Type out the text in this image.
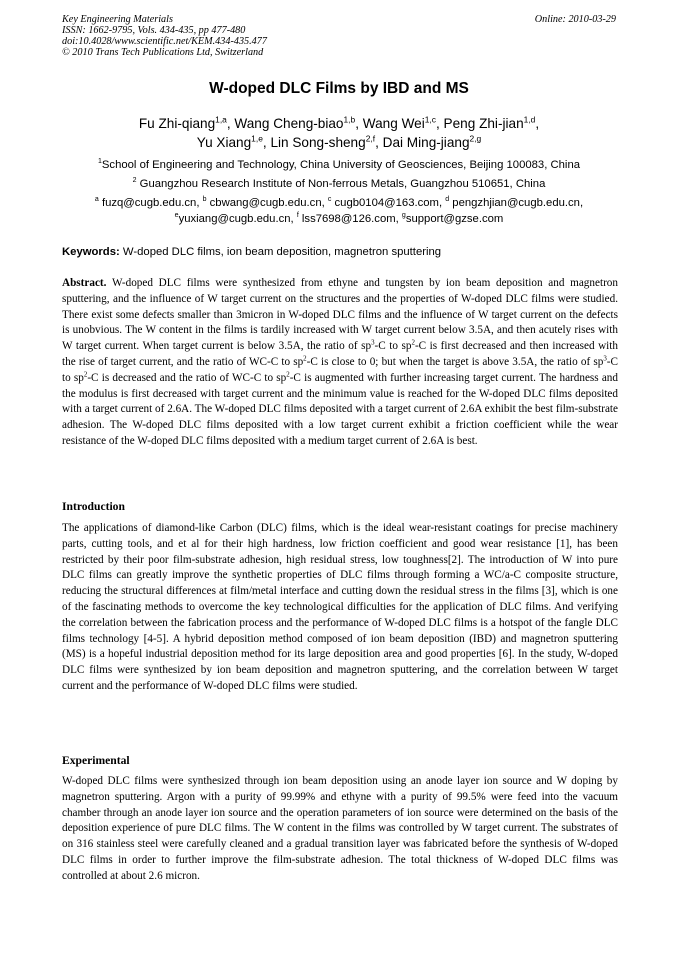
Key Engineering Materials
ISSN: 1662-9795, Vols. 434-435, pp 477-480
doi:10.4028/www.scientific.net/KEM.434-435.477
© 2010 Trans Tech Publications Ltd, Switzerland
Online: 2010-03-29
W-doped DLC Films by IBD and MS
Fu Zhi-qiang$^{1,a}$, Wang Cheng-biao$^{1,b}$, Wang Wei$^{1,c}$, Peng Zhi-jian$^{1,d}$,
Yu Xiang$^{1,e}$, Lin Song-sheng$^{2,f}$, Dai Ming-jiang$^{2,g}$
$^1$School of Engineering and Technology, China University of Geosciences, Beijing 100083, China
$^2$ Guangzhou Research Institute of Non-ferrous Metals, Guangzhou 510651, China
$^a$ fuzq@cugb.edu.cn, $^b$ cbwang@cugb.edu.cn, $^c$ cugb0104@163.com, $^d$ pengzhjian@cugb.edu.cn,
$^e$yuxiang@cugb.edu.cn, $^f$ lss7698@126.com, $^g$support@gzse.com
Keywords: W-doped DLC films, ion beam deposition, magnetron sputtering
Abstract. W-doped DLC films were synthesized from ethyne and tungsten by ion beam deposition and magnetron sputtering, and the influence of W target current on the structures and the properties of W-doped DLC films were studied. There exist some defects smaller than 3micron in W-doped DLC films and the influence of W target current on the defects is unobvious. The W content in the films is tardily increased with W target current below 3.5A, and then acutely rises with W target current. When target current is below 3.5A, the ratio of $sp^3-C$ to $sp^2-C$ is first decreased and then increased with the rise of target current, and the ratio of WC-C to $sp^2-C$ is close to 0; but when the target is above 3.5A, the ratio of $sp^3-C$ to $sp^2-C$ is decreased and the ratio of WC-C to $sp^2-C$ is augmented with further increasing target current. The hardness and the modulus is first decreased with target current and the minimum value is reached for the W-doped DLC films deposited with a target current of 2.6A. The W-doped DLC films deposited with a target current of 2.6A exhibit the best film-substrate adhesion. The W-doped DLC films deposited with a low target current exhibit a friction coefficient while the wear resistance of the W-doped DLC films deposited with a medium target current of 2.6A is best.
Introduction
The applications of diamond-like Carbon (DLC) films, which is the ideal wear-resistant coatings for precise machinery parts, cutting tools, and et al for their high hardness, low friction coefficient and good wear resistance [1], has been restricted by their poor film-substrate adhesion, high residual stress, low toughness[2]. The introduction of W into pure DLC films can greatly improve the synthetic properties of DLC films through forming a WC/a-C composite structure, reducing the structural differences at film/metal interface and cutting down the residual stress in the films [3], which is one of the fascinating methods to overcome the key technological difficulties for the application of DLC films. And verifying the correlation between the fabrication process and the performance of W-doped DLC films is a hotspot of the fangle DLC films technology [4-5]. A hybrid deposition method composed of ion beam deposition (IBD) and magnetron sputtering (MS) is a hopeful industrial deposition method for its large deposition area and good properties [6]. In the study, W-doped DLC films were synthesized by ion beam deposition and magnetron sputtering, and the correlation between W target current and the performance of W-doped DLC films were studied.
Experimental
W-doped DLC films were synthesized through ion beam deposition using an anode layer ion source and W doping by magnetron sputtering. Argon with a purity of 99.99% and ethyne with a purity of 99.5% were feed into the vacuum chamber through an anode layer ion source and the operation parameters of ion source were determined on the basis of the deposition experience of pure DLC films. The W content in the films was controlled by W target current. The substrates of on 316 stainless steel were carefully cleaned and a gradual transition layer was fabricated before the synthesis of W-doped DLC films in order to further improve the film-substrate adhesion. The total thickness of W-doped DLC films was controlled at about 2.6 micron.
